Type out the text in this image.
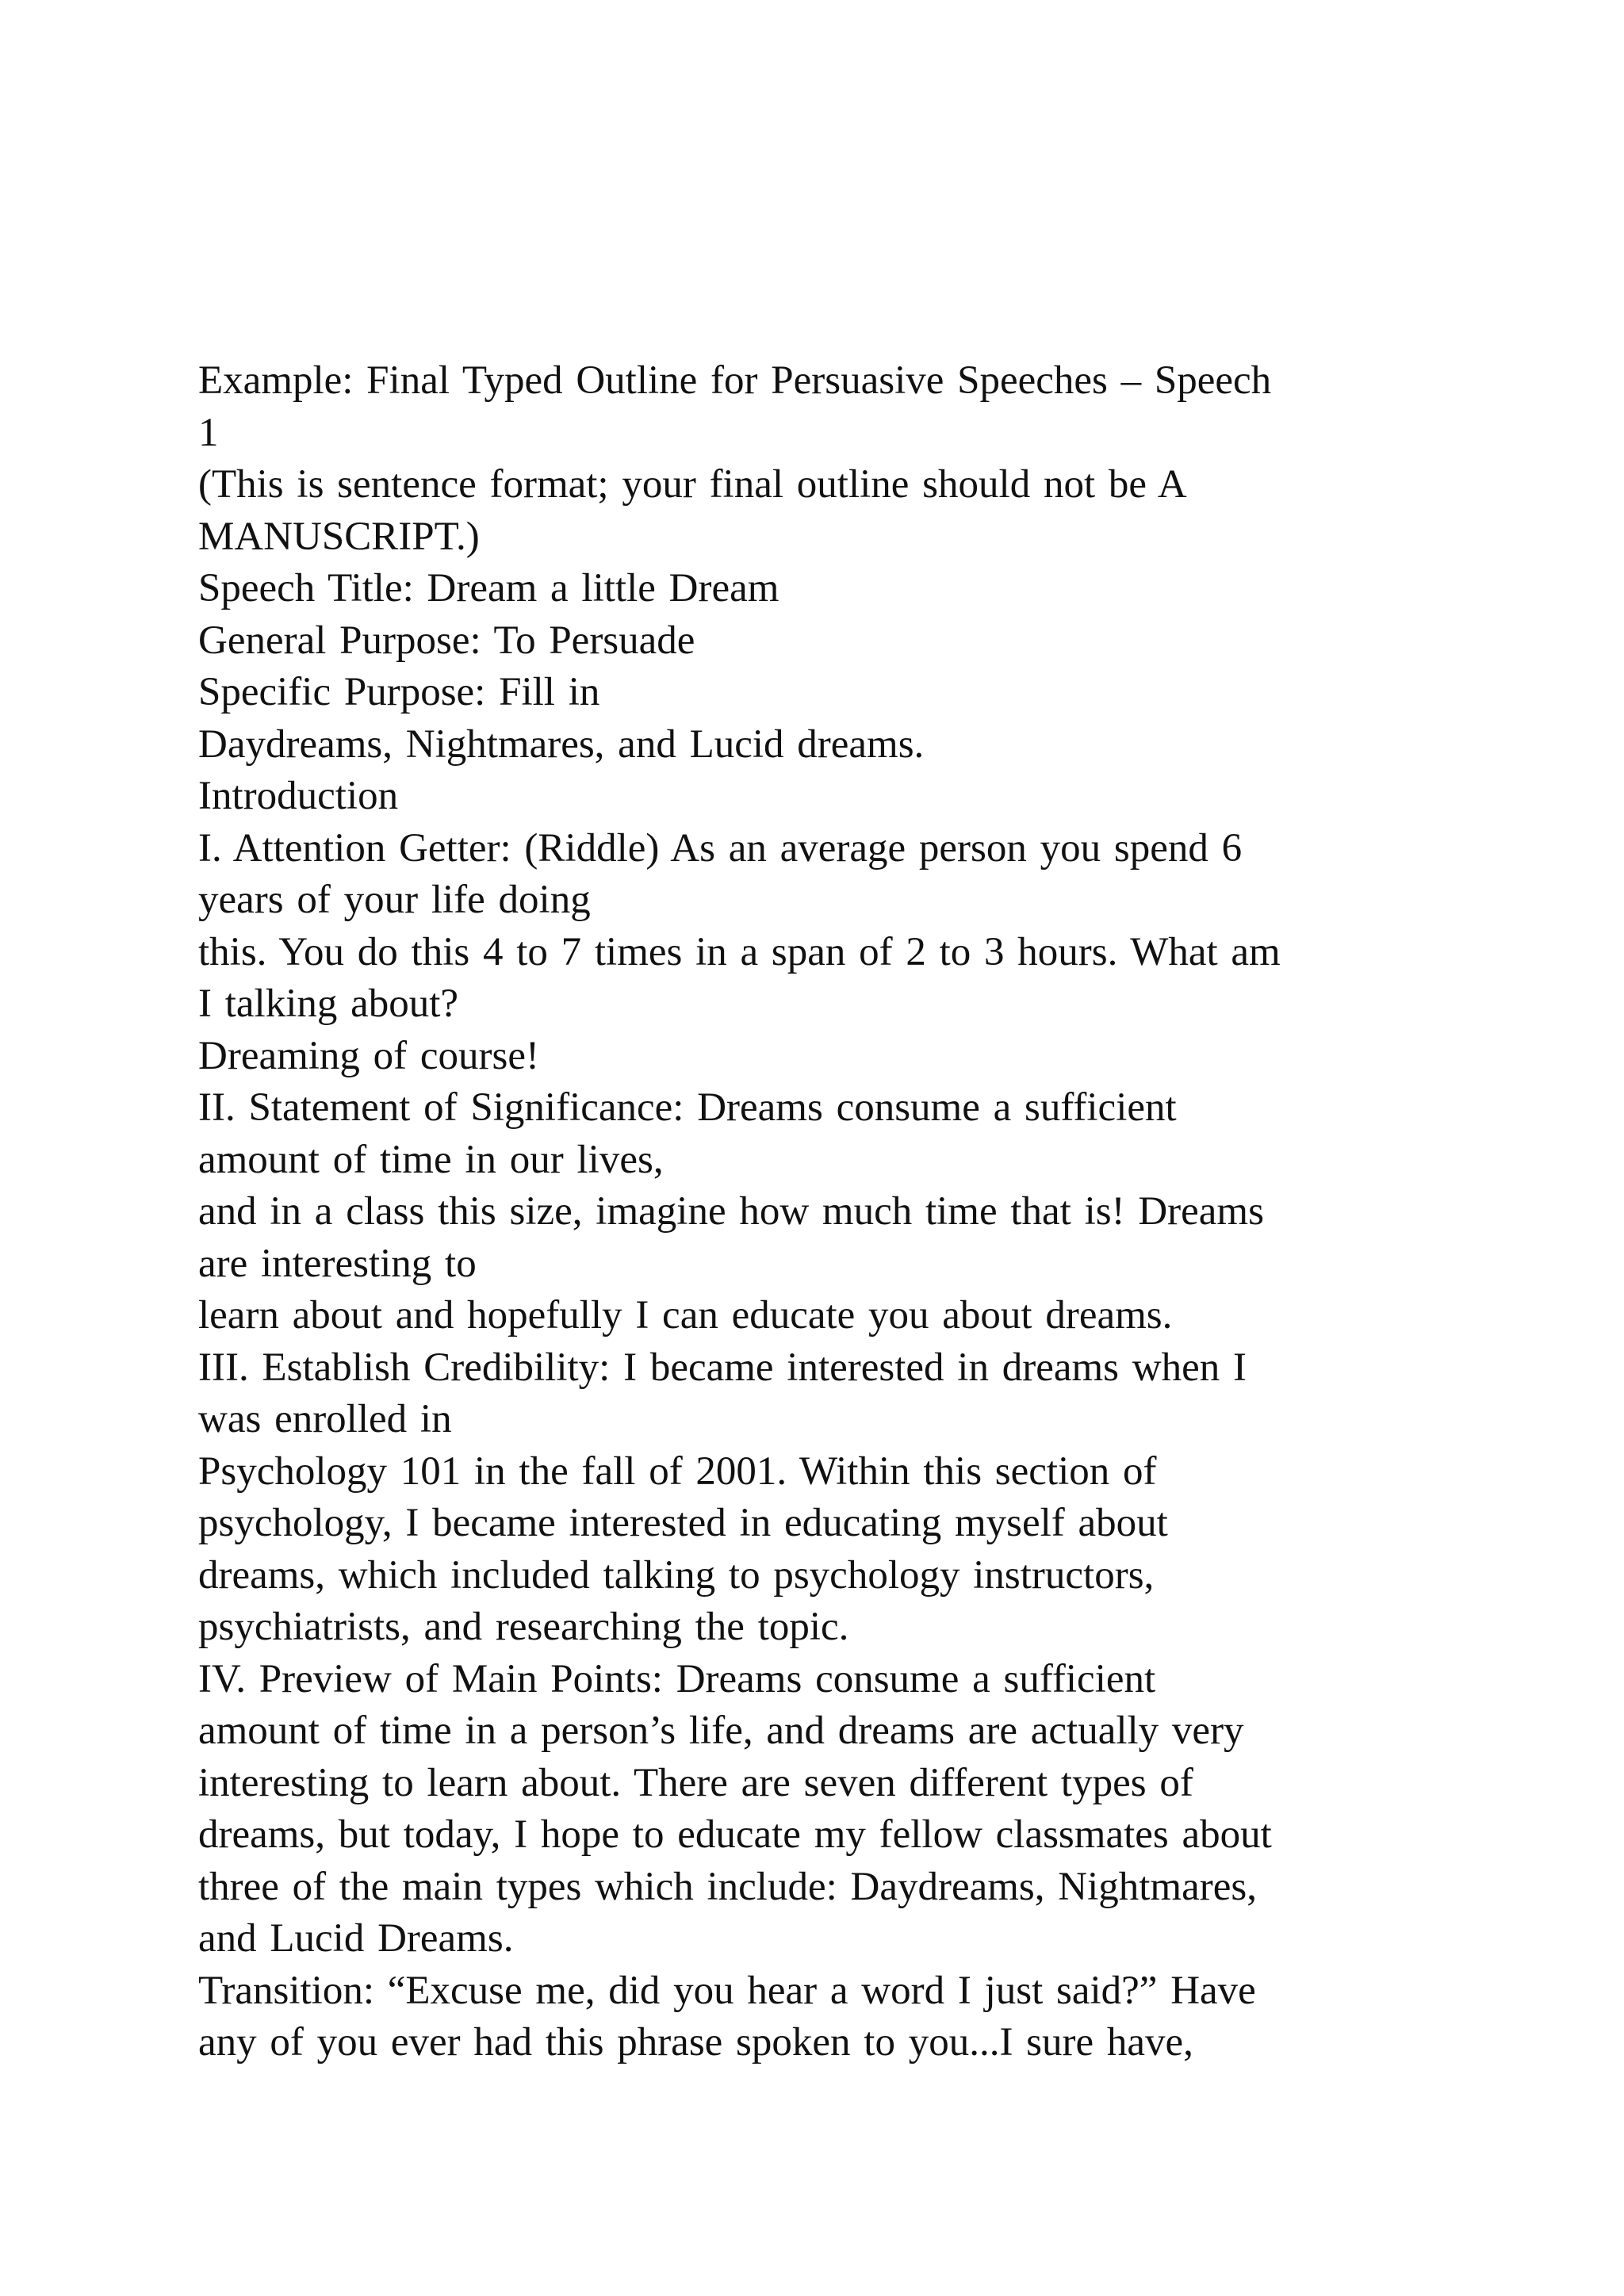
Example: Final Typed Outline for Persuasive Speeches – Speech
1
(This is sentence format; your final outline should not be A
MANUSCRIPT.)
Speech Title: Dream a little Dream
General Purpose: To Persuade
Specific Purpose: Fill in
Daydreams, Nightmares, and Lucid dreams.
Introduction
I. Attention Getter: (Riddle) As an average person you spend 6
years of your life doing
this. You do this 4 to 7 times in a span of 2 to 3 hours. What am
I talking about?
Dreaming of course!
II. Statement of Significance: Dreams consume a sufficient
amount of time in our lives,
and in a class this size, imagine how much time that is! Dreams
are interesting to
learn about and hopefully I can educate you about dreams.
III. Establish Credibility: I became interested in dreams when I
was enrolled in
Psychology 101 in the fall of 2001. Within this section of
psychology, I became interested in educating myself about
dreams, which included talking to psychology instructors,
psychiatrists, and researching the topic.
IV. Preview of Main Points: Dreams consume a sufficient
amount of time in a person’s life, and dreams are actually very
interesting to learn about. There are seven different types of
dreams, but today, I hope to educate my fellow classmates about
three of the main types which include: Daydreams, Nightmares,
and Lucid Dreams.
Transition: “Excuse me, did you hear a word I just said?” Have
any of you ever had this phrase spoken to you...I sure have,
